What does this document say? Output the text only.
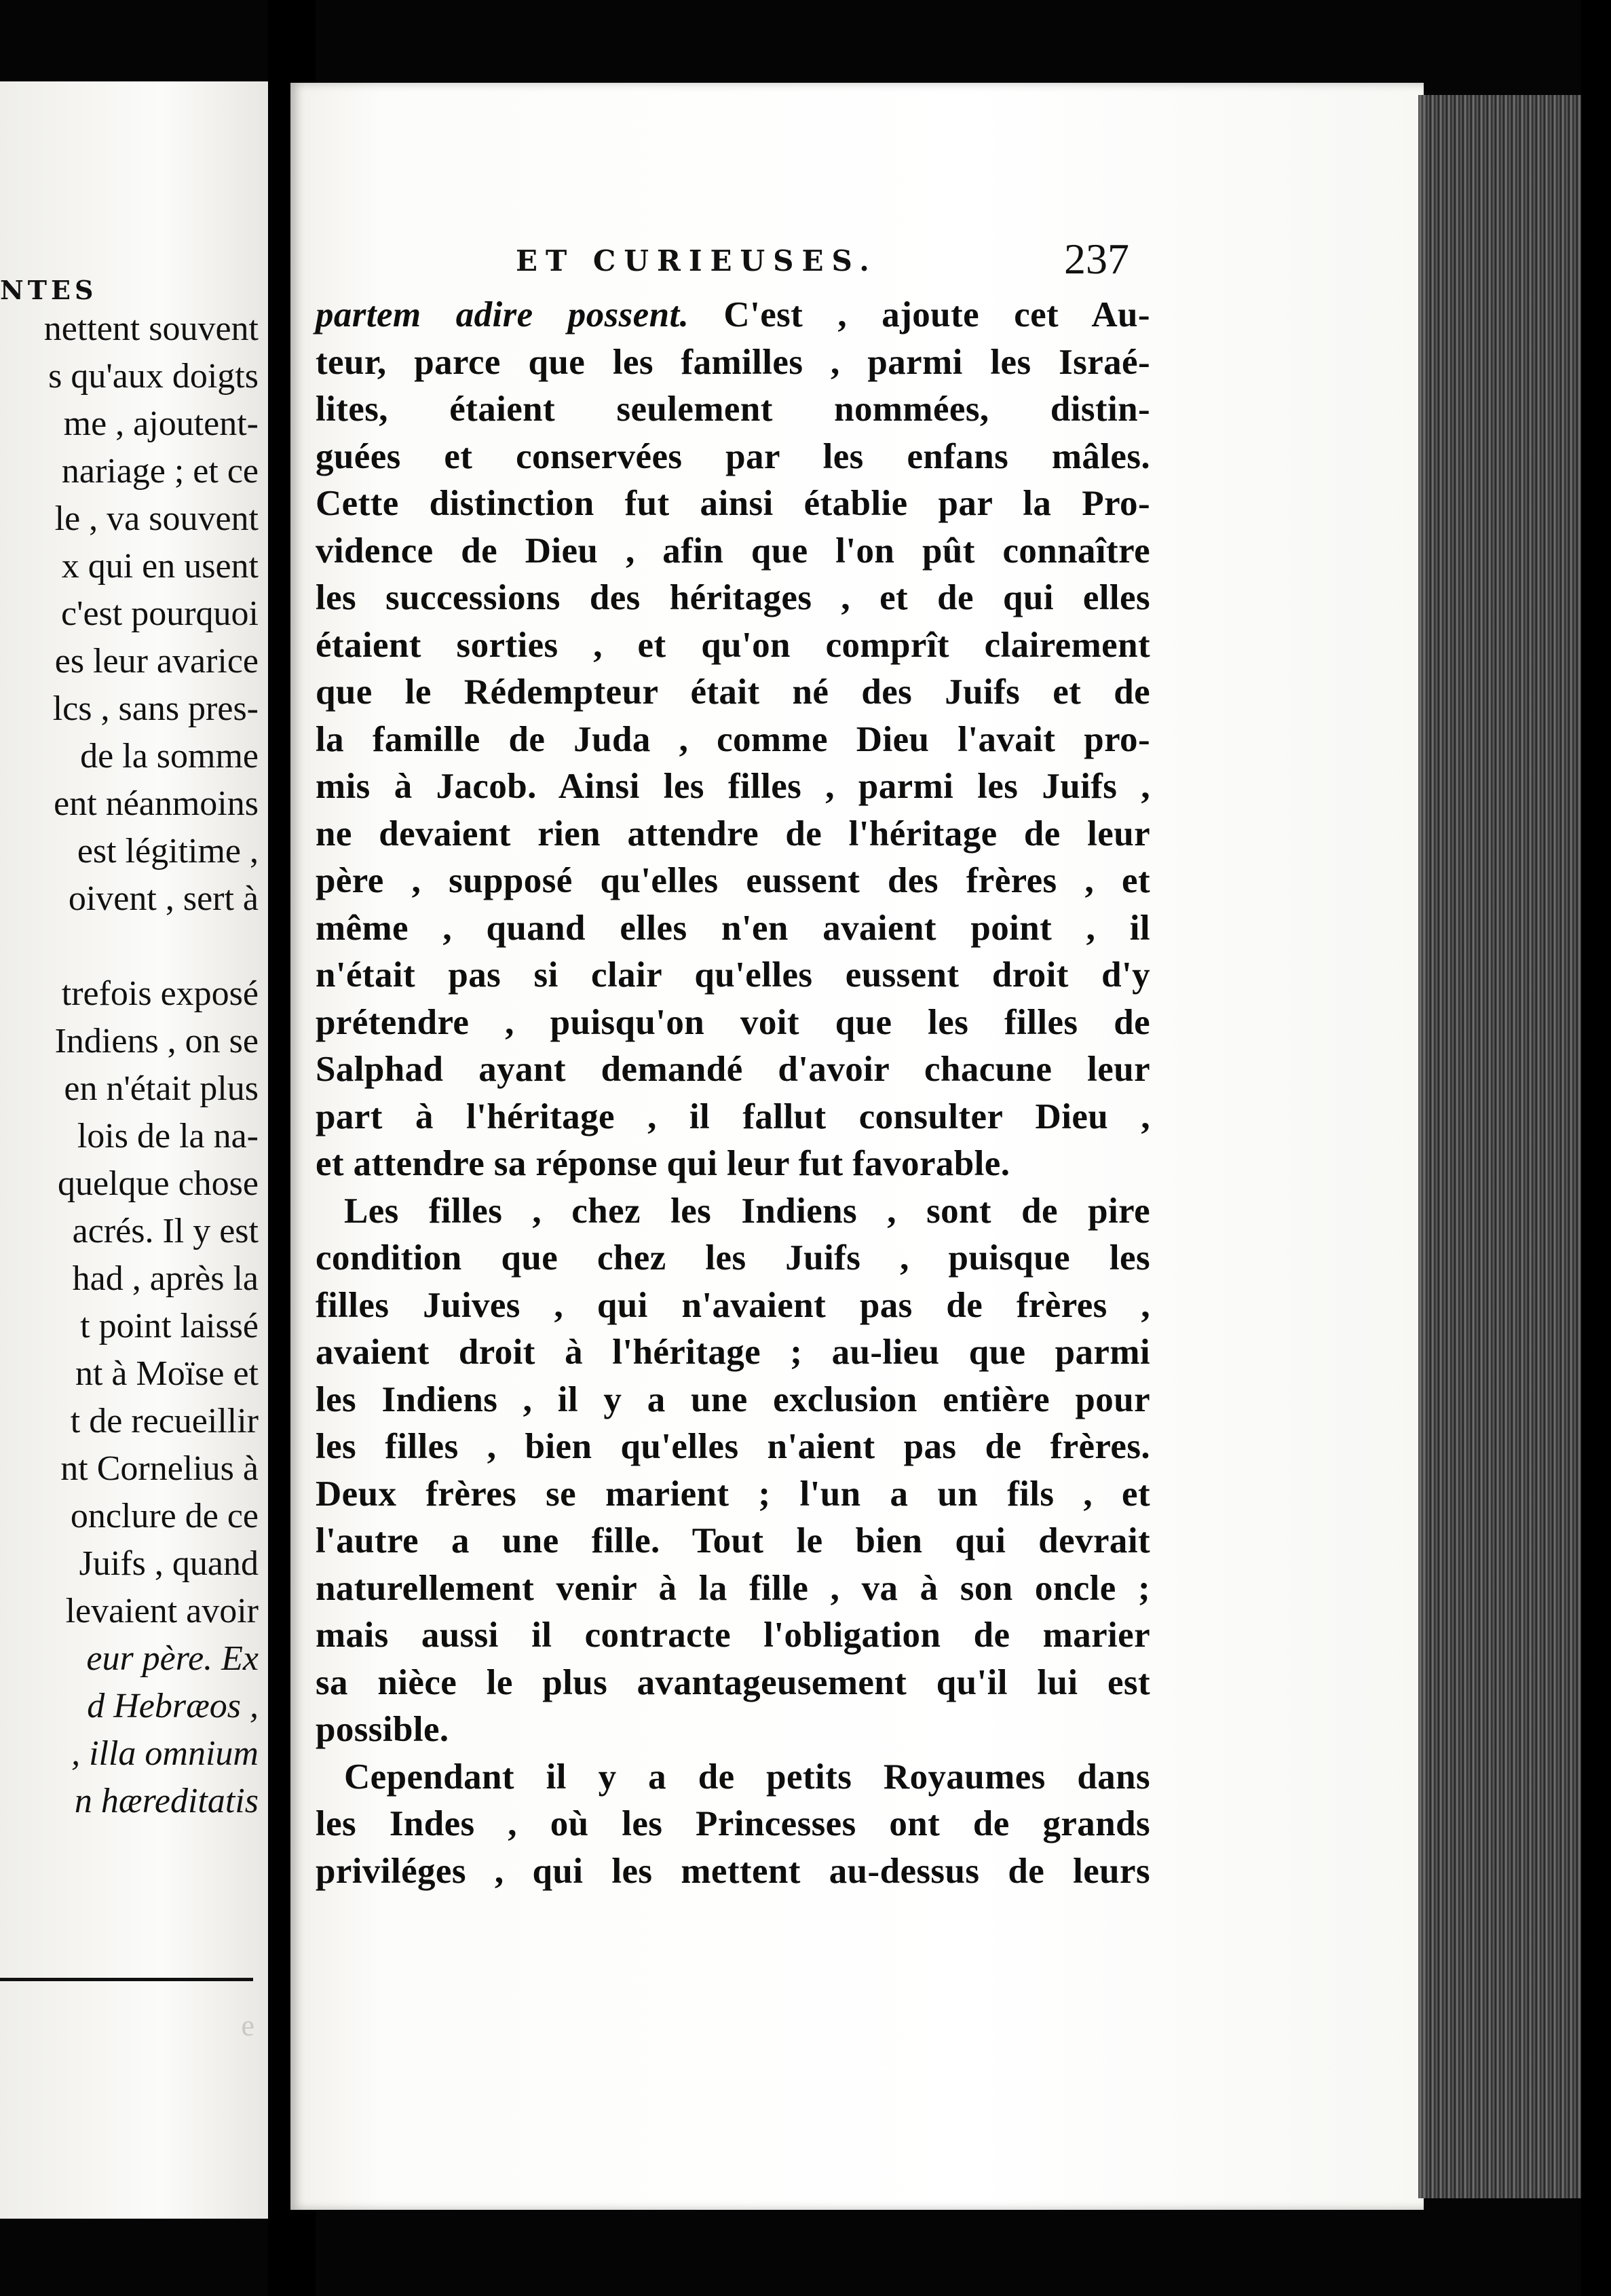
NTES
nettent souvent
s qu'aux doigts
me , ajoutent-
nariage ; et ce
le , va souvent
x qui en usent
c'est pourquoi
es leur avarice
lcs , sans pres-
de la somme
ent néanmoins
est légitime ,
oivent , sert à
trefois exposé
Indiens , on se
en n'était plus
lois de la na-
quelque chose
acrés. Il y est
had , après la
t point laissé
nt à Moïse et
t de recueillir
nt Cornelius à
onclure de ce
Juifs , quand
levaient avoir
eur père. Ex
d Hebræos ,
, illa omnium
n hæreditatis
e
ET CURIEUSES.	237
partem adire possent. C'est , ajoute cet Au-
teur, parce que les familles , parmi les Israé-
lites, étaient seulement nommées, distin-
guées et conservées par les enfans mâles.
Cette distinction fut ainsi établie par la Pro-
vidence de Dieu , afin que l'on pût connaître
les successions des héritages , et de qui elles
étaient sorties , et qu'on comprît clairement
que le Rédempteur était né des Juifs et de
la famille de Juda , comme Dieu l'avait pro-
mis à Jacob. Ainsi les filles , parmi les Juifs ,
ne devaient rien attendre de l'héritage de leur
père , supposé qu'elles eussent des frères , et
même , quand elles n'en avaient point , il
n'était pas si clair qu'elles eussent droit d'y
prétendre , puisqu'on voit que les filles de
Salphad ayant demandé d'avoir chacune leur
part à l'héritage , il fallut consulter Dieu ,
et attendre sa réponse qui leur fut favorable.
Les filles , chez les Indiens , sont de pire
condition que chez les Juifs , puisque les
filles Juives , qui n'avaient pas de frères ,
avaient droit à l'héritage ; au-lieu que parmi
les Indiens , il y a une exclusion entière pour
les filles , bien qu'elles n'aient pas de frères.
Deux frères se marient ; l'un a un fils , et
l'autre a une fille. Tout le bien qui devrait
naturellement venir à la fille , va à son oncle ;
mais aussi il contracte l'obligation de marier
sa nièce le plus avantageusement qu'il lui est
possible.
Cependant il y a de petits Royaumes dans
les Indes , où les Princesses ont de grands
priviléges , qui les mettent au-dessus de leurs
